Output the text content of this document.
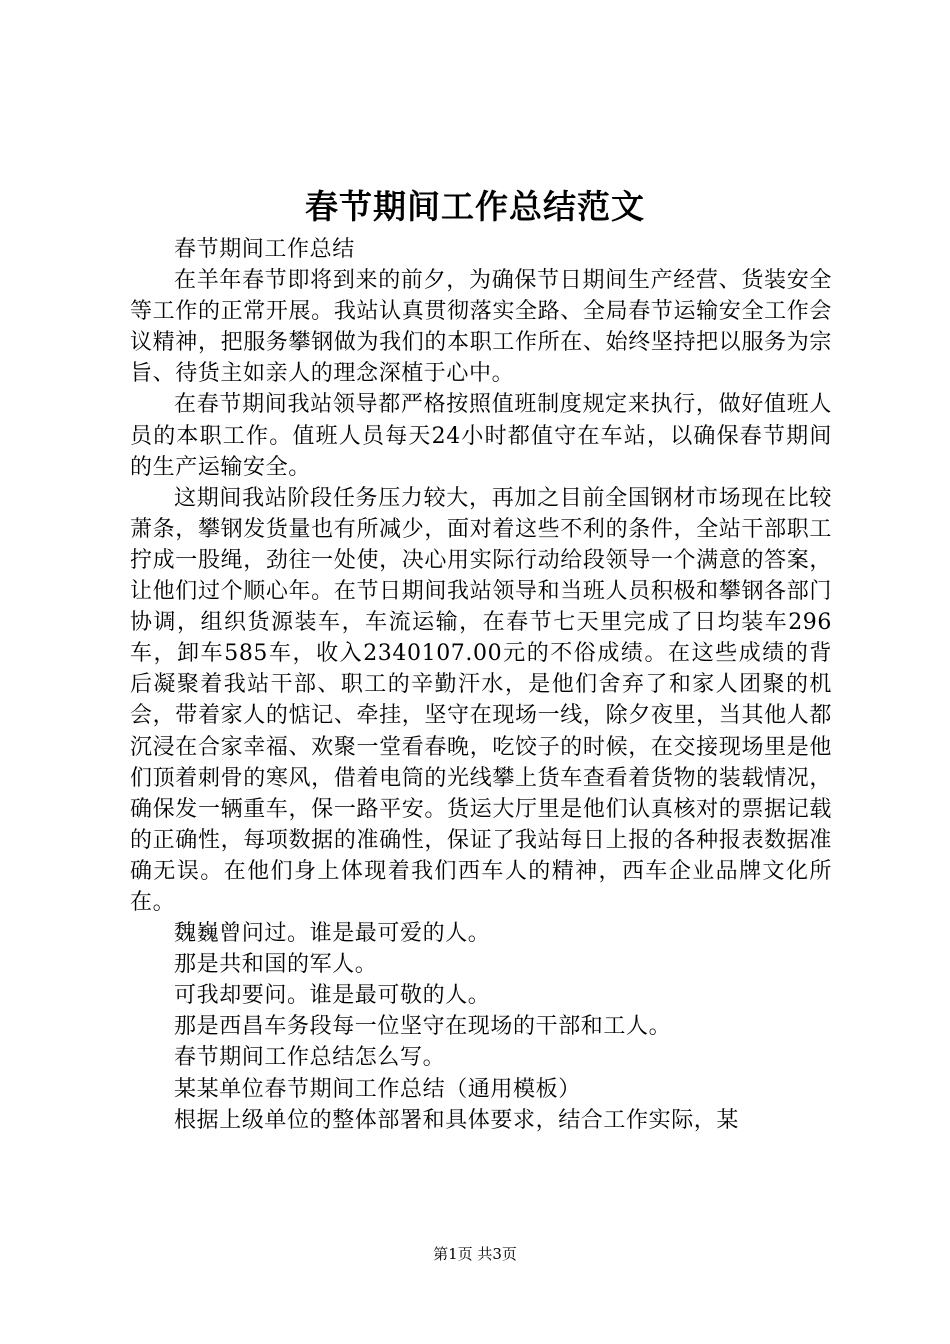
春节期间工作总结范文

春节期间工作总结

在羊年春节即将到来的前夕，为确保节日期间生产经营、货装安全等工作的正常开展。我站认真贯彻落实全路、全局春节运输安全工作会议精神，把服务攀钢做为我们的本职工作所在、始终坚持把以服务为宗旨、待货主如亲人的理念深植于心中。

在春节期间我站领导都严格按照值班制度规定来执行，做好值班人员的本职工作。值班人员每天24小时都值守在车站，以确保春节期间的生产运输安全。

这期间我站阶段任务压力较大，再加之目前全国钢材市场现在比较萧条，攀钢发货量也有所减少，面对着这些不利的条件，全站干部职工拧成一股绳，劲往一处使，决心用实际行动给段领导一个满意的答案，让他们过个顺心年。在节日期间我站领导和当班人员积极和攀钢各部门协调，组织货源装车，车流运输，在春节七天里完成了日均装车296车，卸车585车，收入2340107.00元的不俗成绩。在这些成绩的背后凝聚着我站干部、职工的辛勤汗水，是他们舍弃了和家人团聚的机会，带着家人的惦记、牵挂，坚守在现场一线，除夕夜里，当其他人都沉浸在合家幸福、欢聚一堂看春晚，吃饺子的时候，在交接现场里是他们顶着刺骨的寒风，借着电筒的光线攀上货车查看着货物的装载情况，确保发一辆重车，保一路平安。货运大厅里是他们认真核对的票据记载的正确性，每项数据的准确性，保证了我站每日上报的各种报表数据准确无误。在他们身上体现着我们西车人的精神，西车企业品牌文化所在。

魏巍曾问过。谁是最可爱的人。

那是共和国的军人。

可我却要问。谁是最可敬的人。

那是西昌车务段每一位坚守在现场的干部和工人。

春节期间工作总结怎么写。

某某单位春节期间工作总结（通用模板）

根据上级单位的整体部署和具体要求，结合工作实际，某

第1页 共3页
